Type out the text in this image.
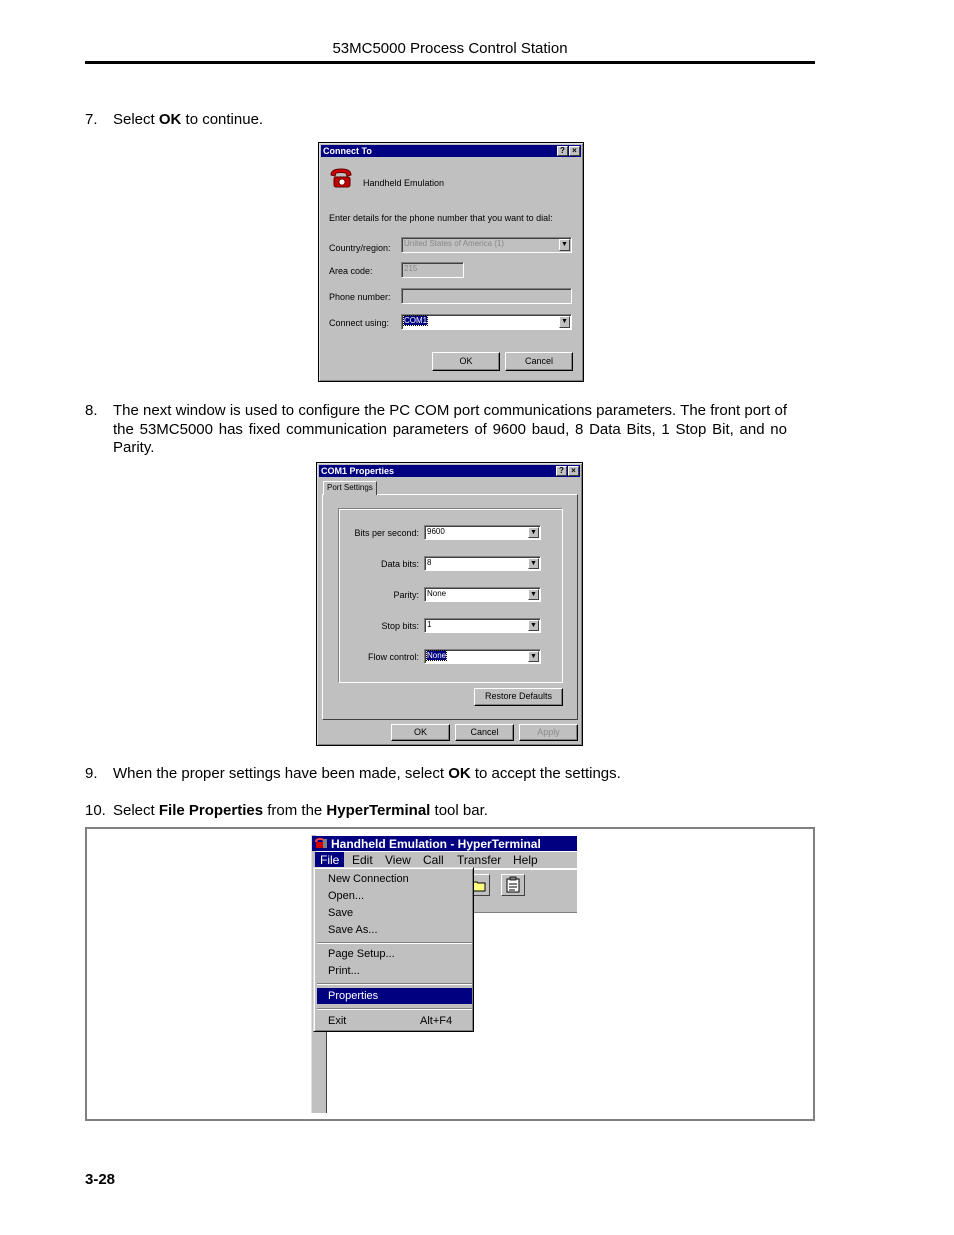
53MC5000 Process Control Station
7. Select OK to continue.
Connect To	? ×
Handheld Emulation
Enter details for the phone number that you want to dial:
Country/region:	United States of America (1)	▼
Area code:	215
Phone number:
Connect using:	COM1	▼
OK	Cancel
8. The next window is used to configure the PC COM port communications parameters. The front port of the 53MC5000 has fixed communication parameters of 9600 baud, 8 Data Bits, 1 Stop Bit, and no Parity.
COM1 Properties	? ×
Port Settings
Bits per second:	9600	▼
Data bits:	8	▼
Parity:	None	▼
Stop bits:	1	▼
Flow control:	None	▼
Restore Defaults
OK	Cancel	Apply
9. When the proper settings have been made, select OK to accept the settings.
10. Select File Properties from the HyperTerminal tool bar.
Handheld Emulation - HyperTerminal
File Edit View Call Transfer Help
New Connection
Open...
Save
Save As...
Page Setup...
Print...
Properties
Exit	Alt+F4
3-28
